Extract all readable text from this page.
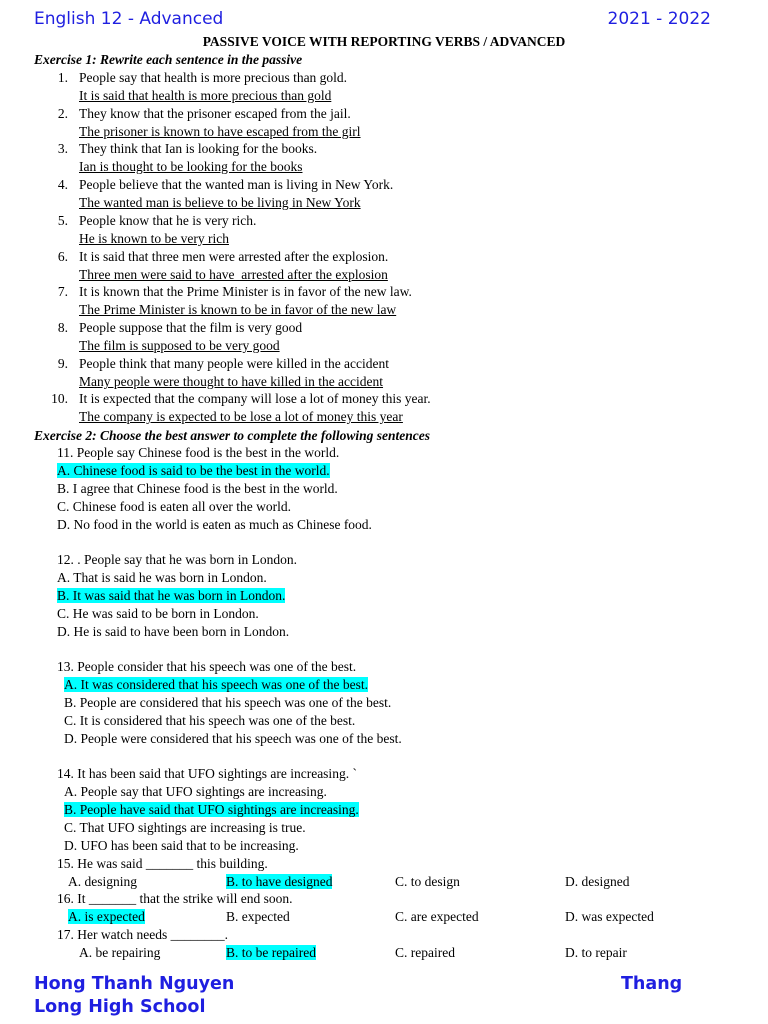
English 12 - Advanced	2021 - 2022
PASSIVE VOICE WITH REPORTING VERBS / ADVANCED
Exercise 1: Rewrite each sentence in the passive
1. People say that health is more precious than gold.
It is said that health is more precious than gold
2. They know that the prisoner escaped from the jail.
The prisoner is known to have escaped from the girl
3. They think that Ian is looking for the books.
Ian is thought to be looking for the books
4. People believe that the wanted man is living in New York.
The wanted man is believe to be living in New York
5. People know that he is very rich.
He is known to be very rich
6. It is said that three men were arrested after the explosion.
Three men were said to have  arrested after the explosion
7. It is known that the Prime Minister is in favor of the new law.
The Prime Minister is known to be in favor of the new law
8. People suppose that the film is very good
The film is supposed to be very good
9. People think that many people were killed in the accident
Many people were thought to have killed in the accident
10. It is expected that the company will lose a lot of money this year.
The company is expected to be lose a lot of money this year
Exercise 2: Choose the best answer to complete the following sentences
11. People say Chinese food is the best in the world.
A. Chinese food is said to be the best in the world.
B. I agree that Chinese food is the best in the world.
C. Chinese food is eaten all over the world.
D. No food in the world is eaten as much as Chinese food.
12. . People say that he was born in London.
A. That is said he was born in London.
B. It was said that he was born in London.
C. He was said to be born in London.
D. He is said to have been born in London.
13. People consider that his speech was one of the best.
A. It was considered that his speech was one of the best.
B. People are considered that his speech was one of the best.
C. It is considered that his speech was one of the best.
D. People were considered that his speech was one of the best.
14. It has been said that UFO sightings are increasing. `
A. People say that UFO sightings are increasing.
B. People have said that UFO sightings are increasing.
C. That UFO sightings are increasing is true.
D. UFO has been said that to be increasing.
15. He was said _______ this building.
A. designing	B. to have designed	C. to design	D. designed
16. It _______ that the strike will end soon.
A. is expected	B. expected	C. are expected	D. was expected
17. Her watch needs ________.
A. be repairing	B. to be repaired	C. repaired	D. to repair
Hong Thanh Nguyen
Long High School
Thang
